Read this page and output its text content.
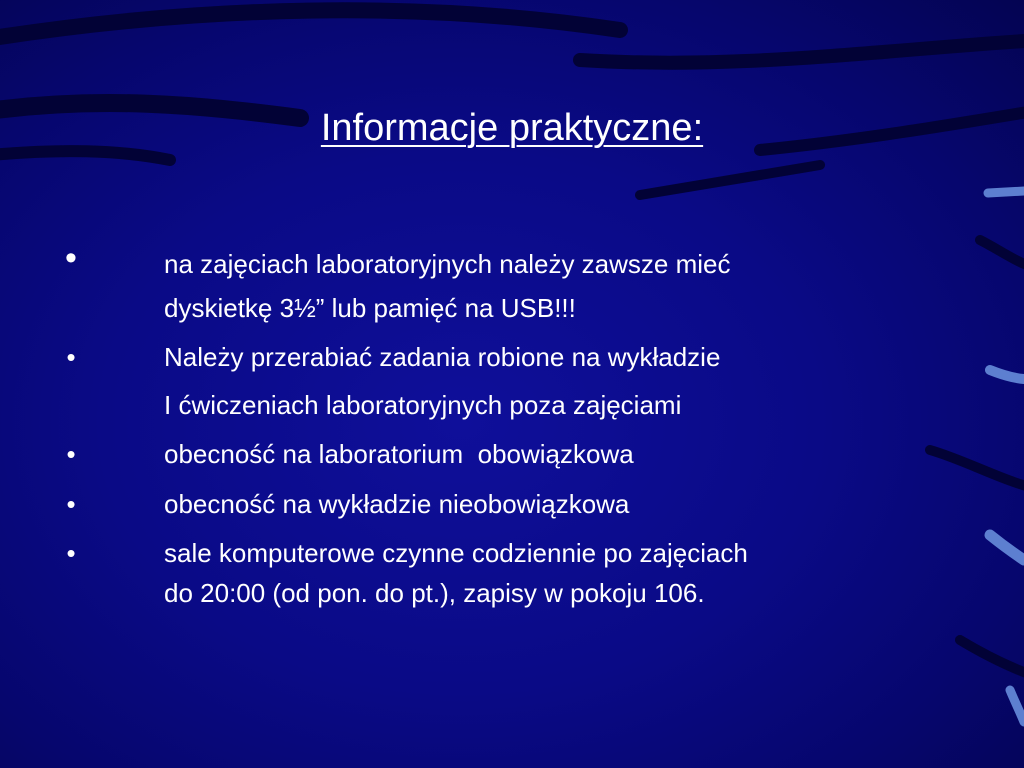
Informacje praktyczne:
•	na zajęciach laboratoryjnych należy zawsze mieć
dyskietkę 3½” lub pamięć na USB!!!
•	Należy przerabiać zadania robione na wykładzie
I ćwiczeniach laboratoryjnych poza zajęciami
•	obecność na laboratorium  obowiązkowa
•	obecność na wykładzie nieobowiązkowa
•	sale komputerowe czynne codziennie po zajęciach
do 20:00 (od pon. do pt.), zapisy w pokoju 106.
